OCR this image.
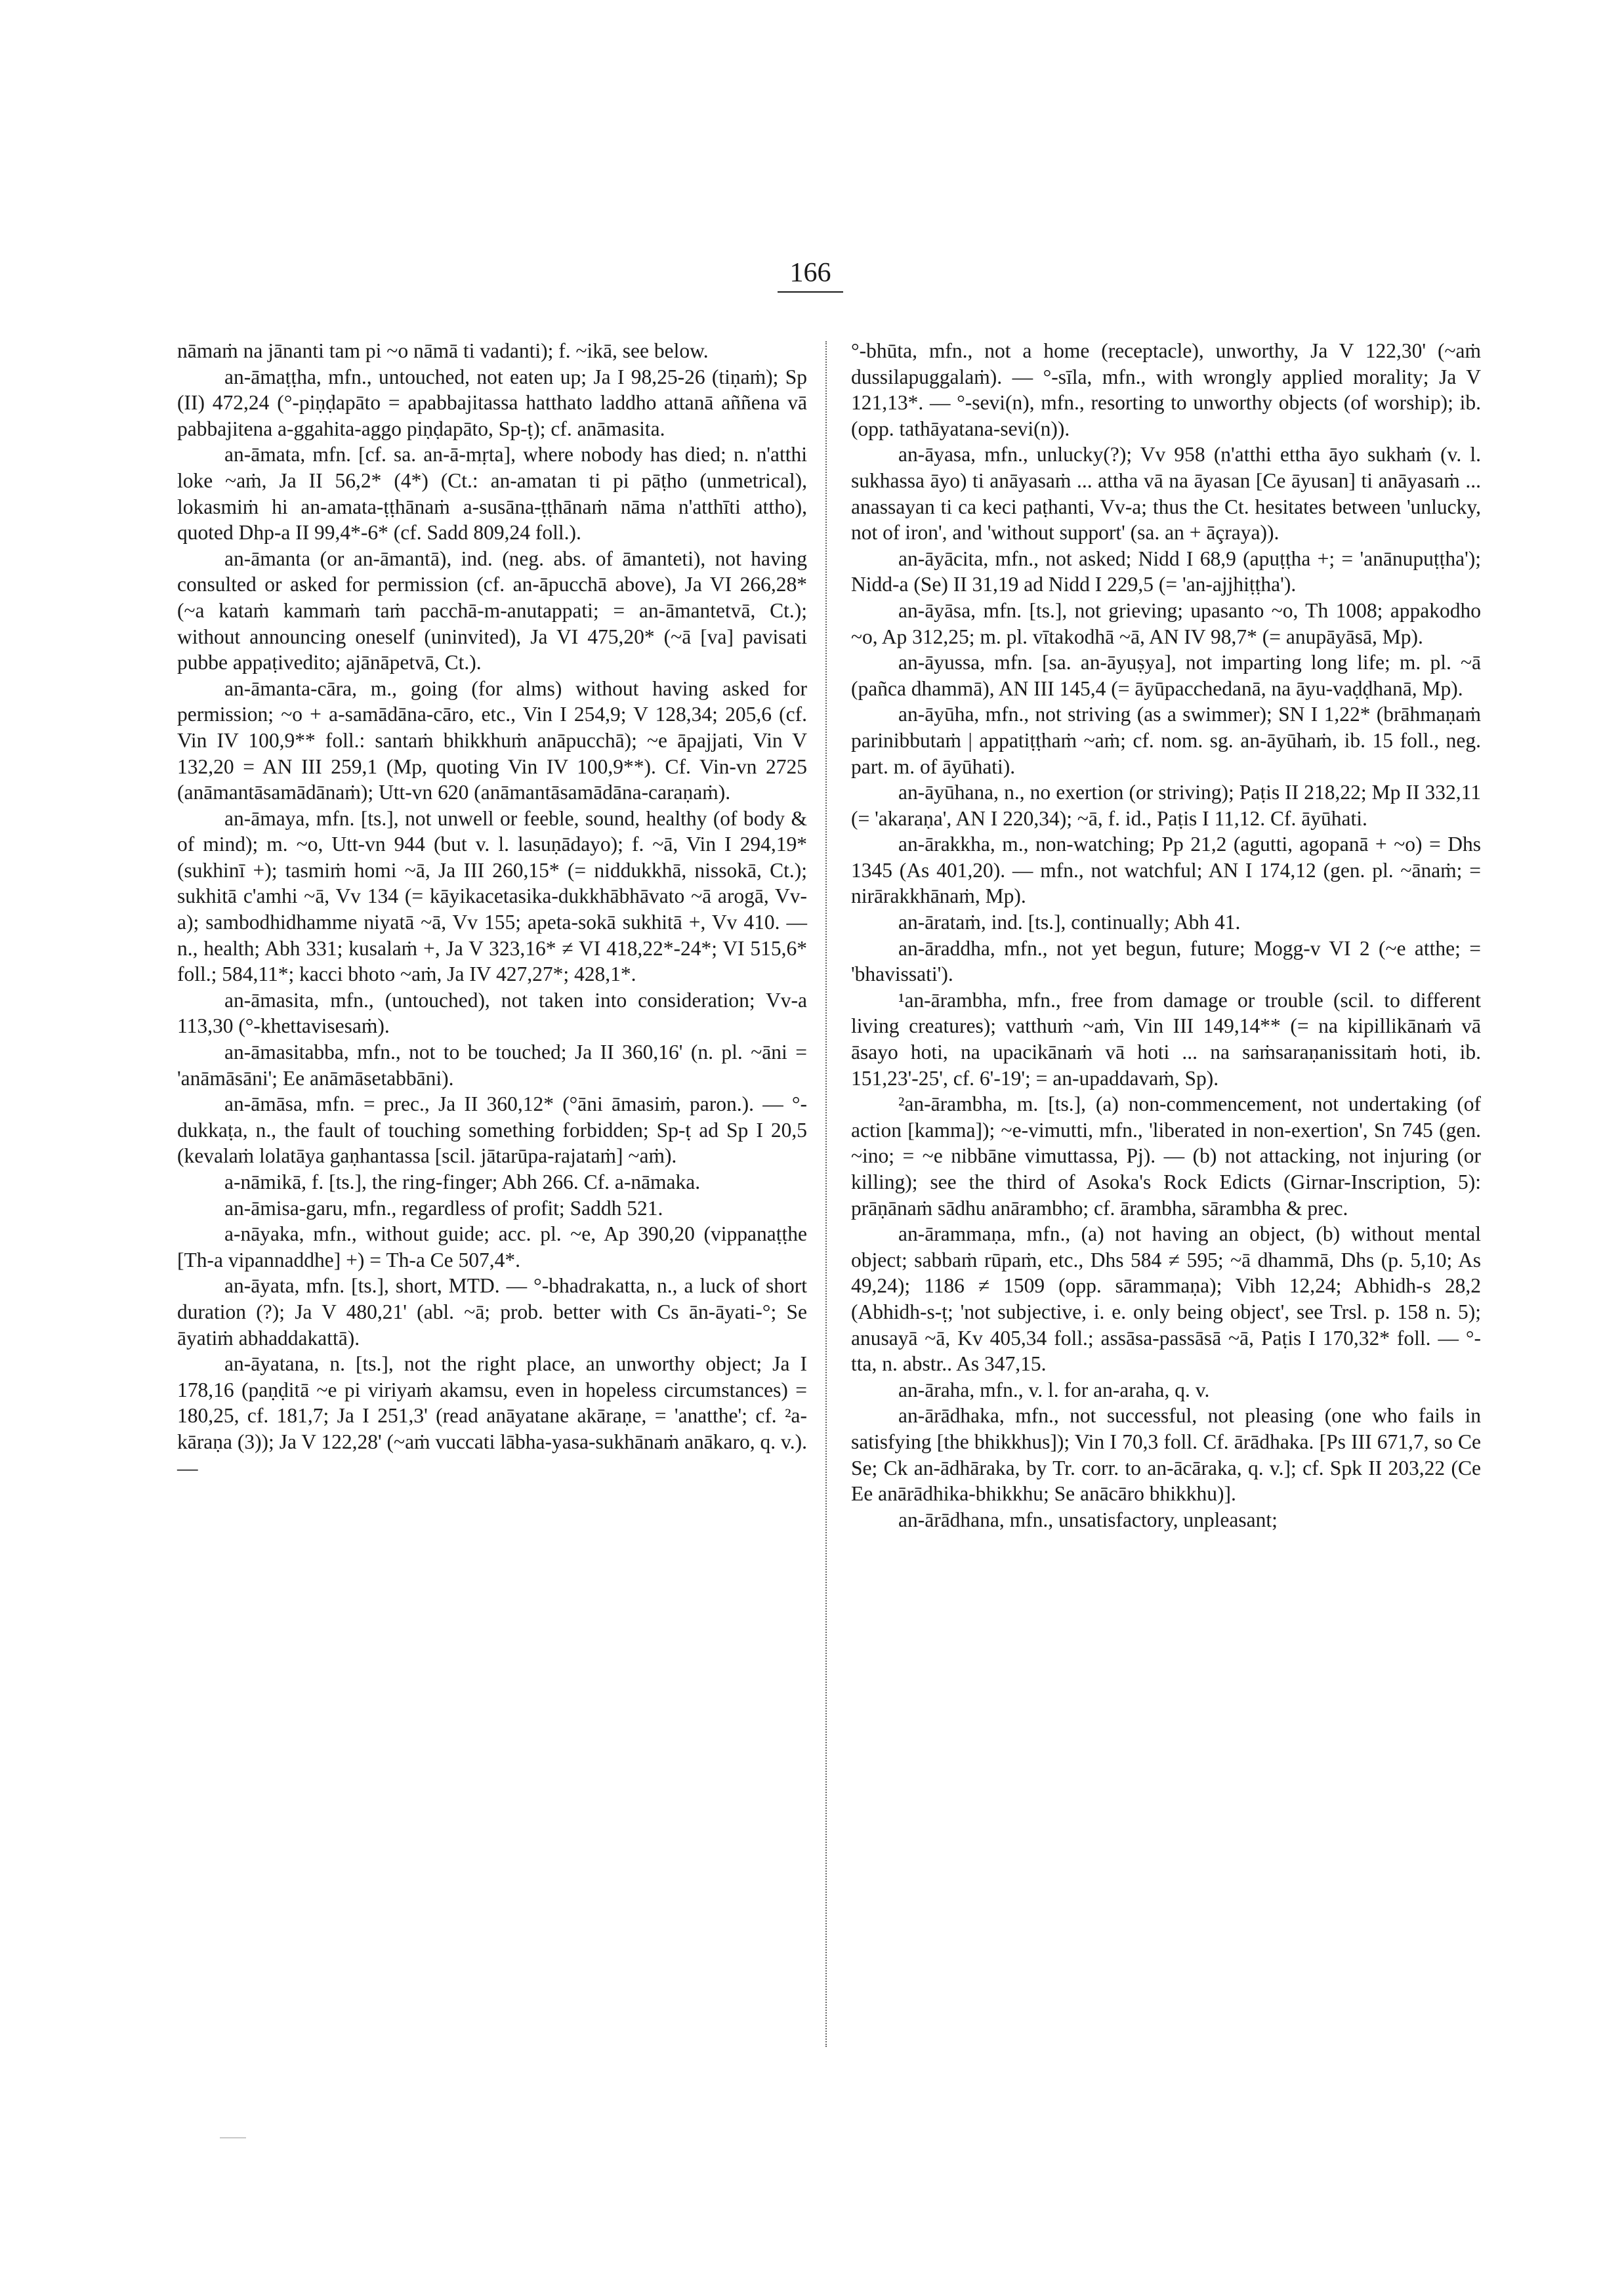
166

nāmaṁ na jānanti tam pi ~o nāmā ti vadanti); f. ~ikā, see below.

an-āmaṭṭha, mfn., untouched, not eaten up; Ja I 98,25-26 (tiṇaṁ); Sp (II) 472,24 (°-piṇḍapāto = apabbajitassa hatthato laddho attanā aññena vā pabbajitena a-ggahita-aggo piṇḍapāto, Sp-ṭ); cf. anāmasita.

an-āmata, mfn. [cf. sa. an-ā-mṛta], where nobody has died; n. n'atthi loke ~aṁ, Ja II 56,2* (4*) (Ct.: an-amatan ti pi pāṭho (unmetrical), lokasmiṁ hi an-amata-ṭṭhānaṁ a-susāna-ṭṭhānaṁ nāma n'atthīti attho), quoted Dhp-a II 99,4*-6* (cf. Sadd 809,24 foll.).

an-āmanta (or an-āmantā), ind. (neg. abs. of āmanteti), not having consulted or asked for permission (cf. an-āpucchā above), Ja VI 266,28* (~a kataṁ kammaṁ taṁ pacchā-m-anutappati; = an-āmantetvā, Ct.); without announcing oneself (uninvited), Ja VI 475,20* (~ā [va] pavisati pubbe appaṭivedito; ajānāpetvā, Ct.).

an-āmanta-cāra, m., going (for alms) without having asked for permission; ~o + a-samādāna-cāro, etc., Vin I 254,9; V 128,34; 205,6 (cf. Vin IV 100,9** foll.: santaṁ bhikkhuṁ anāpucchā); ~e āpajjati, Vin V 132,20 = AN III 259,1 (Mp, quoting Vin IV 100,9**). Cf. Vin-vn 2725 (anāmantāsamādānaṁ); Utt-vn 620 (anāmantāsamādāna-caraṇaṁ).

an-āmaya, mfn. [ts.], not unwell or feeble, sound, healthy (of body & of mind); m. ~o, Utt-vn 944 (but v. l. lasuṇādayo); f. ~ā, Vin I 294,19* (sukhinī +); tasmiṁ homi ~ā, Ja III 260,15* (= niddukkhā, nissokā, Ct.); sukhitā c'amhi ~ā, Vv 134 (= kāyikacetasika-dukkhābhāvato ~ā arogā, Vv-a); sambodhidhamme niyatā ~ā, Vv 155; apeta-sokā sukhitā +, Vv 410. — n., health; Abh 331; kusalaṁ +, Ja V 323,16* ≠ VI 418,22*-24*; VI 515,6* foll.; 584,11*; kacci bhoto ~aṁ, Ja IV 427,27*; 428,1*.

an-āmasita, mfn., (untouched), not taken into consideration; Vv-a 113,30 (°-khettavisesaṁ).

an-āmasitabba, mfn., not to be touched; Ja II 360,16' (n. pl. ~āni = 'anāmāsāni'; Ee anāmāsetabbāni).

an-āmāsa, mfn. = prec., Ja II 360,12* (°āni āmasiṁ, paron.). — °-dukkaṭa, n., the fault of touching something forbidden; Sp-ṭ ad Sp I 20,5 (kevalaṁ lolatāya gaṇhantassa [scil. jātarūpa-rajataṁ] ~aṁ).

a-nāmikā, f. [ts.], the ring-finger; Abh 266. Cf. a-nāmaka.

an-āmisa-garu, mfn., regardless of profit; Saddh 521.

a-nāyaka, mfn., without guide; acc. pl. ~e, Ap 390,20 (vippanaṭṭhe [Th-a vipannaddhe] +) = Th-a Ce 507,4*.

an-āyata, mfn. [ts.], short, MTD. — °-bhadrakatta, n., a luck of short duration (?); Ja V 480,21' (abl. ~ā; prob. better with Cs ān-āyati-°; Se āyatiṁ abhaddakattā).

an-āyatana, n. [ts.], not the right place, an unworthy object; Ja I 178,16 (paṇḍitā ~e pi viriyaṁ akamsu, even in hopeless circumstances) = 180,25, cf. 181,7; Ja I 251,3' (read anāyatane akāraṇe, = 'anatthe'; cf. ²a-kāraṇa (3)); Ja V 122,28' (~aṁ vuccati lābha-yasa-sukhānaṁ anākaro, q. v.). —

°-bhūta, mfn., not a home (receptacle), unworthy, Ja V 122,30' (~aṁ dussilapuggalaṁ). — °-sīla, mfn., with wrongly applied morality; Ja V 121,13*. — °-sevi(n), mfn., resorting to unworthy objects (of worship); ib. (opp. tathāyatana-sevi(n)).

an-āyasa, mfn., unlucky(?); Vv 958 (n'atthi ettha āyo sukhaṁ (v. l. sukhassa āyo) ti anāyasaṁ ... attha vā na āyasan [Ce āyusan] ti anāyasaṁ ... anassayan ti ca keci paṭhanti, Vv-a; thus the Ct. hesitates between 'unlucky, not of iron', and 'without support' (sa. an + āçraya)).

an-āyācita, mfn., not asked; Nidd I 68,9 (apuṭṭha +; = 'anānupuṭṭha'); Nidd-a (Se) II 31,19 ad Nidd I 229,5 (= 'an-ajjhiṭṭha').

an-āyāsa, mfn. [ts.], not grieving; upasanto ~o, Th 1008; appakodho ~o, Ap 312,25; m. pl. vītakodhā ~ā, AN IV 98,7* (= anupāyāsā, Mp).

an-āyussa, mfn. [sa. an-āyuṣya], not imparting long life; m. pl. ~ā (pañca dhammā), AN III 145,4 (= āyūpacchedanā, na āyu-vaḍḍhanā, Mp).

an-āyūha, mfn., not striving (as a swimmer); SN I 1,22* (brāhmaṇaṁ parinibbutaṁ | appatiṭṭhaṁ ~aṁ; cf. nom. sg. an-āyūhaṁ, ib. 15 foll., neg. part. m. of āyūhati).

an-āyūhana, n., no exertion (or striving); Paṭis II 218,22; Mp II 332,11 (= 'akaraṇa', AN I 220,34); ~ā, f. id., Paṭis I 11,12. Cf. āyūhati.

an-ārakkha, m., non-watching; Pp 21,2 (agutti, agopanā + ~o) = Dhs 1345 (As 401,20). — mfn., not watchful; AN I 174,12 (gen. pl. ~ānaṁ; = nirārakkhānaṁ, Mp).

an-ārataṁ, ind. [ts.], continually; Abh 41.

an-āraddha, mfn., not yet begun, future; Mogg-v VI 2 (~e atthe; = 'bhavissati').

¹an-ārambha, mfn., free from damage or trouble (scil. to different living creatures); vatthuṁ ~aṁ, Vin III 149,14** (= na kipillikānaṁ vā āsayo hoti, na upacikānaṁ vā hoti ... na saṁsaraṇanissitaṁ hoti, ib. 151,23'-25', cf. 6'-19'; = an-upaddavaṁ, Sp).

²an-ārambha, m. [ts.], (a) non-commencement, not undertaking (of action [kamma]); ~e-vimutti, mfn., 'liberated in non-exertion', Sn 745 (gen. ~ino; = ~e nibbāne vimuttassa, Pj). — (b) not attacking, not injuring (or killing); see the third of Asoka's Rock Edicts (Girnar-Inscription, 5): prāṇānaṁ sādhu anārambho; cf. ārambha, sārambha & prec.

an-ārammaṇa, mfn., (a) not having an object, (b) without mental object; sabbaṁ rūpaṁ, etc., Dhs 584 ≠ 595; ~ā dhammā, Dhs (p. 5,10; As 49,24); 1186 ≠ 1509 (opp. sārammaṇa); Vibh 12,24; Abhidh-s 28,2 (Abhidh-s-ṭ; 'not subjective, i. e. only being object', see Trsl. p. 158 n. 5); anusayā ~ā, Kv 405,34 foll.; assāsa-passāsā ~ā, Paṭis I 170,32* foll. — °-tta, n. abstr.. As 347,15.

an-āraha, mfn., v. l. for an-araha, q. v.

an-ārādhaka, mfn., not successful, not pleasing (one who fails in satisfying [the bhikkhus]); Vin I 70,3 foll. Cf. ārādhaka. [Ps III 671,7, so Ce Se; Ck an-ādhāraka, by Tr. corr. to an-ācāraka, q. v.]; cf. Spk II 203,22 (Ce Ee anārādhika-bhikkhu; Se anācāro bhikkhu)].

an-ārādhana, mfn., unsatisfactory, unpleasant;
